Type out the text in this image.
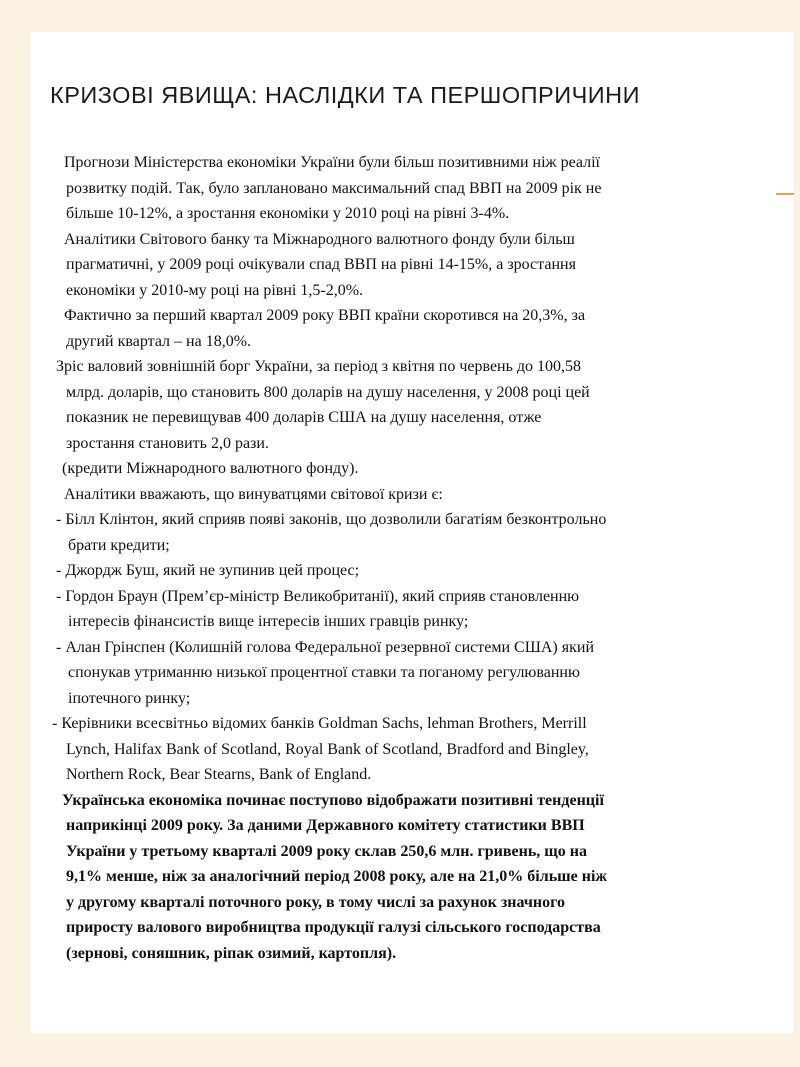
КРИЗОВІ ЯВИЩА: НАСЛІДКИ ТА ПЕРШОПРИЧИНИ
Прогнози Міністерства економіки України були більш позитивними ніж реалії
розвитку подій. Так, було заплановано максимальний спад ВВП на 2009 рік не
більше 10-12%, а зростання економіки у 2010 році на рівні 3-4%.
Аналітики Світового банку та Міжнародного валютного фонду були більш
прагматичні, у 2009 році очікували спад ВВП на рівні 14-15%, а зростання
економіки у 2010-му році на рівні 1,5-2,0%.
Фактично за перший квартал 2009 року ВВП країни скоротився на 20,3%, за
другий квартал – на 18,0%.
Зріс валовий зовнішній борг України, за період з квітня по червень до 100,58
млрд. доларів, що становить 800 доларів на душу населення, у 2008 році цей
показник не перевищував 400 доларів США на душу населення, отже
зростання становить 2,0 рази.
(кредити Міжнародного валютного фонду).
Аналітики вважають, що винуватцями світової кризи є:
- Білл Клінтон, який сприяв появі законів, що дозволили багатіям безконтрольно
брати кредити;
- Джордж Буш, який не зупинив цей процес;
- Гордон Браун (Прем’єр-міністр Великобританії), який сприяв становленню
інтересів фінансистів вище інтересів інших гравців ринку;
- Алан Грінспен (Колишній голова Федеральної резервної системи США) який
спонукав утриманню низької процентної ставки та поганому регулюванню
іпотечного ринку;
- Керівники всесвітньо відомих банків Goldman Sachs, lehman Brothers, Merrill
Lynch, Halifax Bank of Scotland, Royal Bank of Scotland, Bradford and Bingley,
Northern Rock, Bear Stearns, Bank of England.
Українська економіка починає поступово відображати позитивні тенденції
наприкінці 2009 року. За даними Державного комітету статистики ВВП
України у третьому кварталі 2009 року склав 250,6 млн. гривень, що на
9,1% менше, ніж за аналогічний період 2008 року, але на 21,0% більше ніж
у другому кварталі поточного року, в тому числі за рахунок значного
приросту валового виробництва продукції галузі сільського господарства
(зернові, соняшник, ріпак озимий, картопля).
